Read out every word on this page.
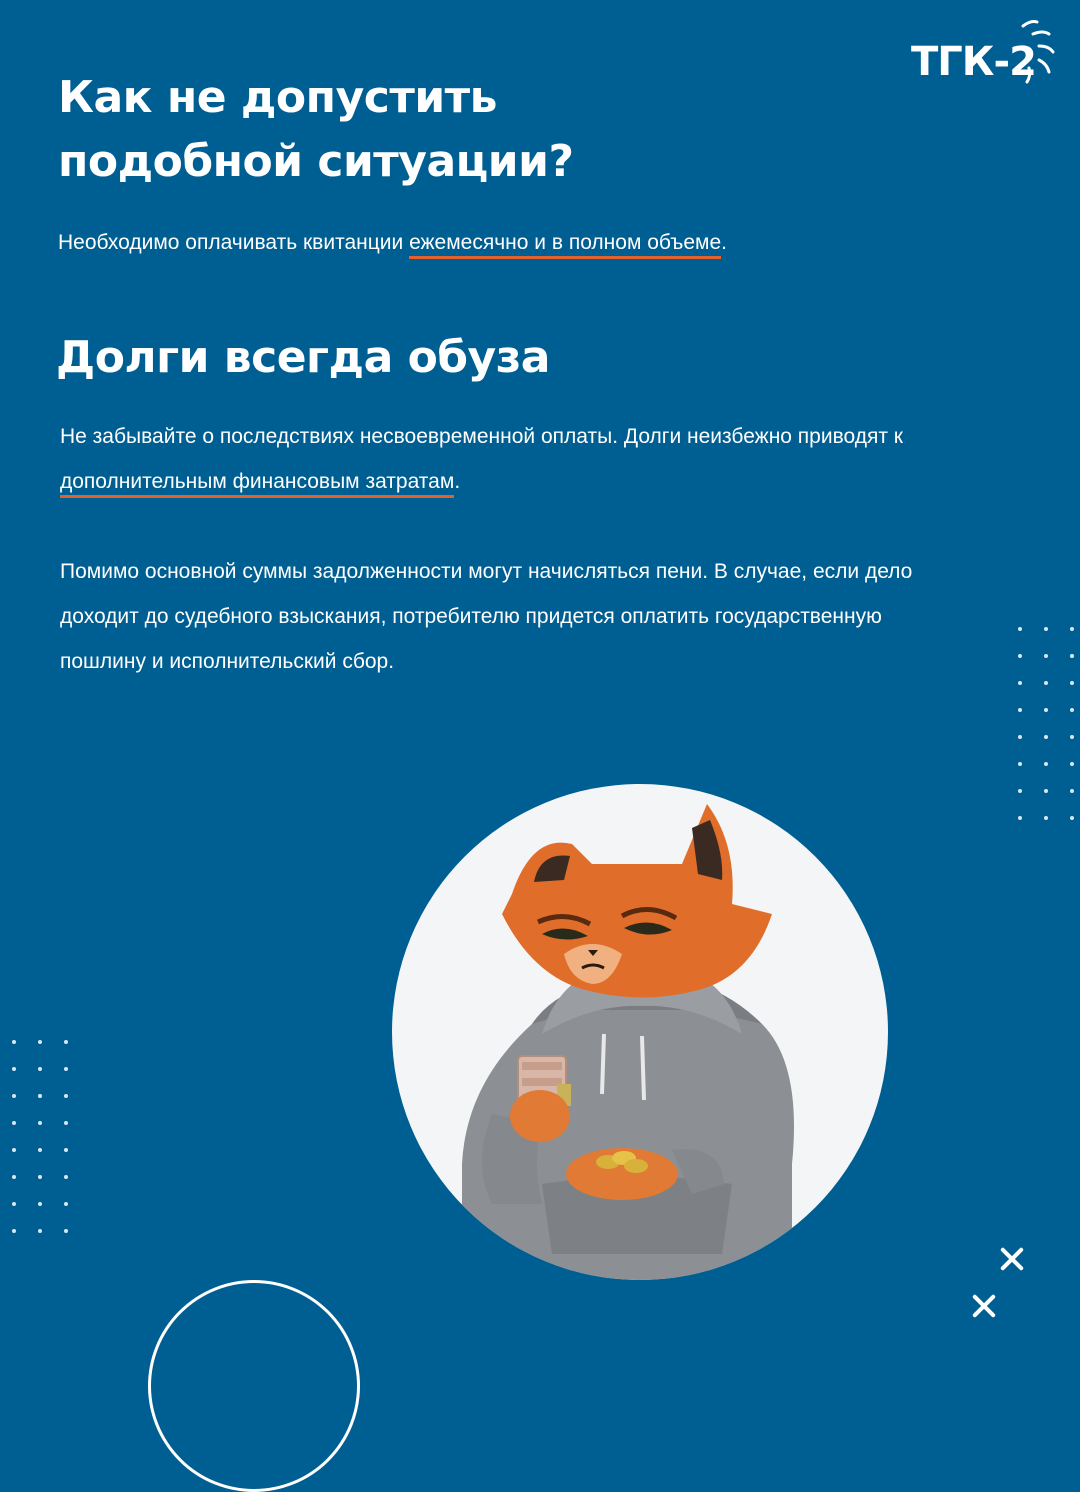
ТГК-2
Как не допустить
подобной ситуации?

Необходимо оплачивать квитанции ежемесячно и в полном объеме.

Долги всегда обуза

Не забывайте о последствиях несвоевременной оплаты. Долги неизбежно приводят к дополнительным финансовым затратам.

Помимо основной суммы задолженности могут начисляться пени. В случае, если дело доходит до судебного взыскания, потребителю придется оплатить государственную пошлину и исполнительский сбор.
